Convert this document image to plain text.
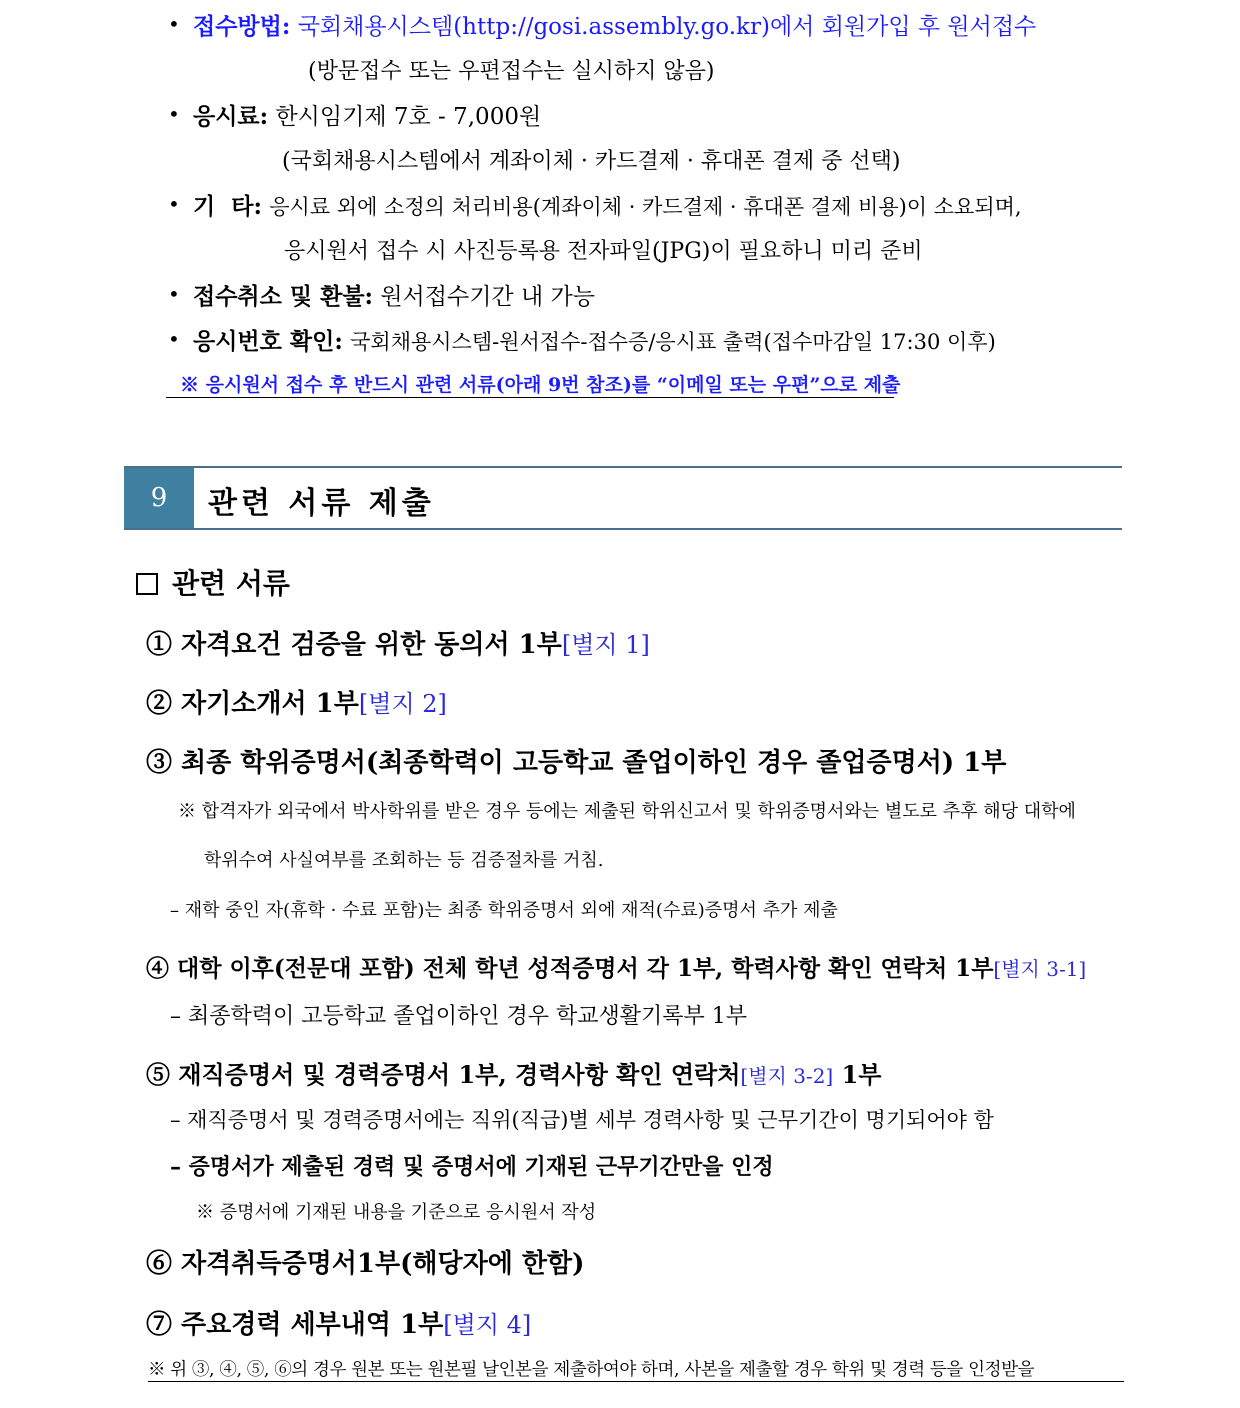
• 접수방법: 국회채용시스템(http://gosi.assembly.go.kr)에서 회원가입 후 원서접수
(방문접수 또는 우편접수는 실시하지 않음)
• 응시료: 한시임기제 7호 - 7,000원
(국회채용시스템에서 계좌이체 · 카드결제 · 휴대폰 결제 중 선택)
• 기  타: 응시료 외에 소정의 처리비용(계좌이체 · 카드결제 · 휴대폰 결제 비용)이 소요되며,
응시원서 접수 시 사진등록용 전자파일(JPG)이 필요하니 미리 준비
• 접수취소 및 환불: 원서접수기간 내 가능
• 응시번호 확인: 국회채용시스템-원서접수-접수증/응시표 출력(접수마감일 17:30 이후)
※ 응시원서 접수 후 반드시 관련 서류(아래 9번 참조)를 “이메일 또는 우편”으로 제출
9	관련 서류 제출
관련 서류
① 자격요건 검증을 위한 동의서 1부[별지 1]
② 자기소개서 1부[별지 2]
③ 최종 학위증명서(최종학력이 고등학교 졸업이하인 경우 졸업증명서) 1부
※ 합격자가 외국에서 박사학위를 받은 경우 등에는 제출된 학위신고서 및 학위증명서와는 별도로 추후 해당 대학에
학위수여 사실여부를 조회하는 등 검증절차를 거침.
– 재학 중인 자(휴학 · 수료 포함)는 최종 학위증명서 외에 재적(수료)증명서 추가 제출
④ 대학 이후(전문대 포함) 전체 학년 성적증명서 각 1부, 학력사항 확인 연락처 1부[별지 3-1]
– 최종학력이 고등학교 졸업이하인 경우 학교생활기록부 1부
⑤ 재직증명서 및 경력증명서 1부, 경력사항 확인 연락처[별지 3-2] 1부
– 재직증명서 및 경력증명서에는 직위(직급)별 세부 경력사항 및 근무기간이 명기되어야 함
– 증명서가 제출된 경력 및 증명서에 기재된 근무기간만을 인정
※ 증명서에 기재된 내용을 기준으로 응시원서 작성
⑥ 자격취득증명서1부(해당자에 한함)
⑦ 주요경력 세부내역 1부[별지 4]
※ 위 ③, ④, ⑤, ⑥의 경우 원본 또는 원본필 날인본을 제출하여야 하며, 사본을 제출할 경우 학위 및 경력 등을 인정받을
